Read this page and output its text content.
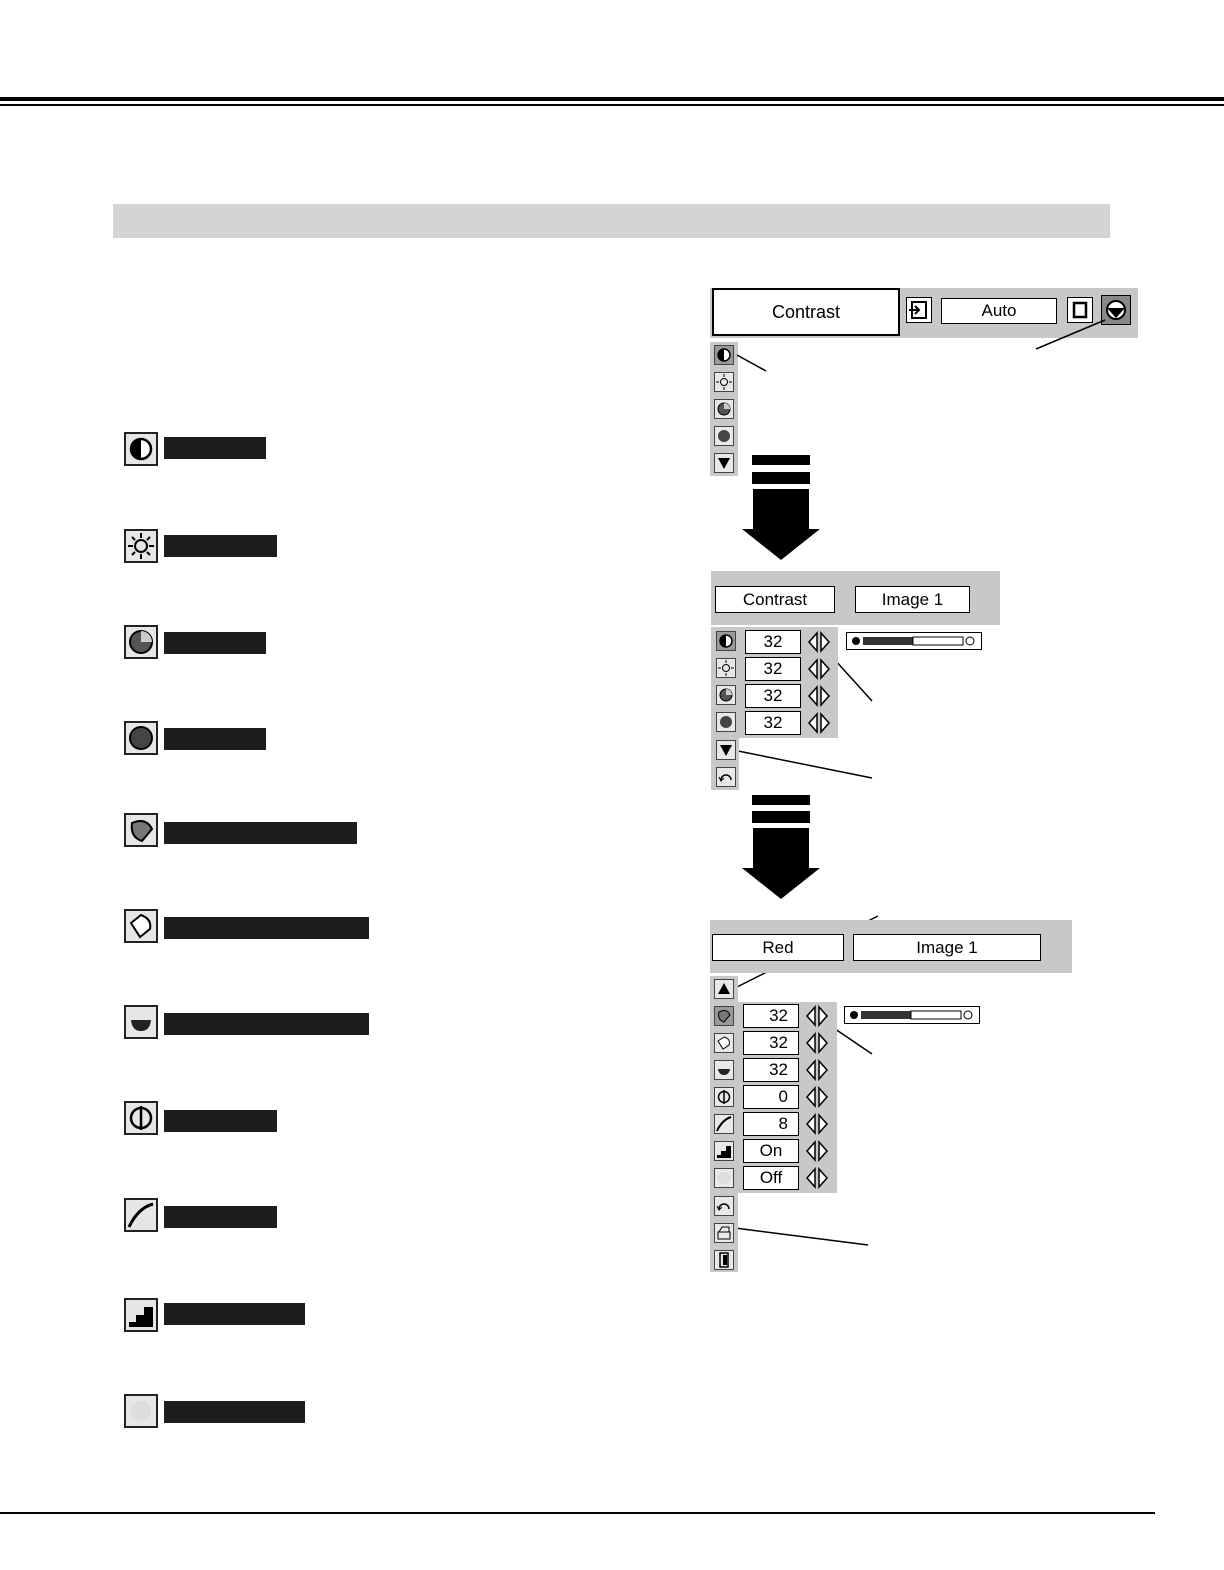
Contrast	Auto
Contrast	Image 1
32
32
32
32
Red	Image 1
32
32
32
0
8
On
Off
